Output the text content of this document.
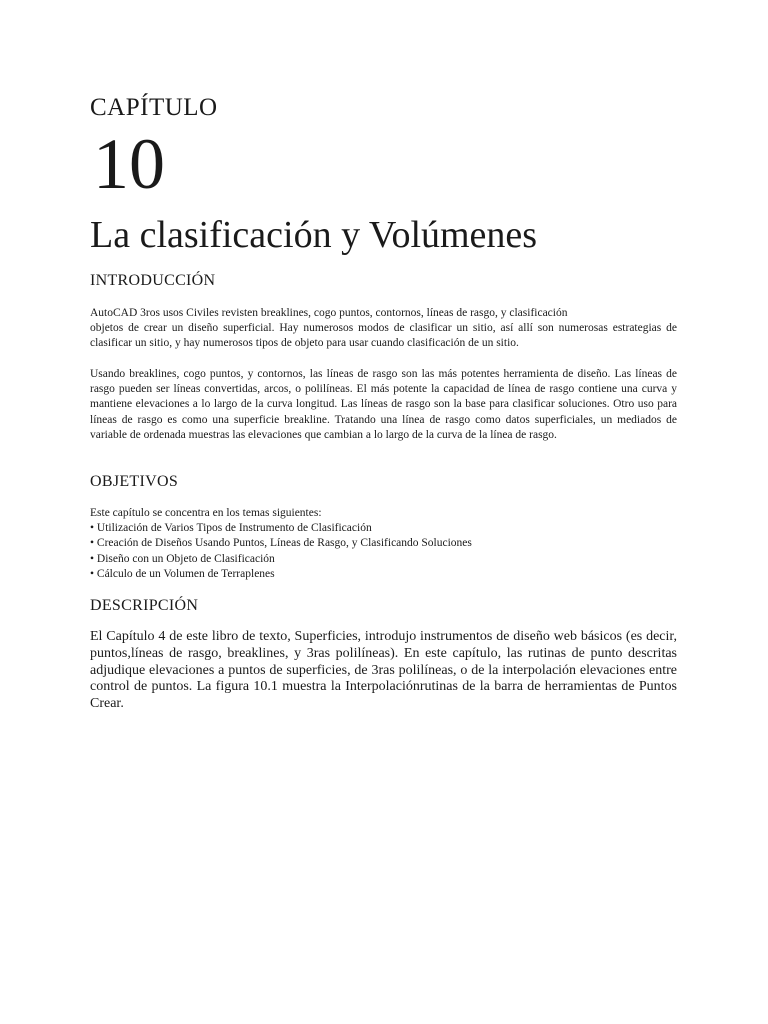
CAPÍTULO
10
La clasificación y Volúmenes
INTRODUCCIÓN
AutoCAD 3ros usos Civiles revisten breaklines, cogo puntos, contornos, líneas de rasgo, y clasificación
objetos de crear un diseño superficial. Hay numerosos modos de clasificar un sitio, así allí son numerosas estrategias de clasificar un sitio, y hay numerosos tipos de objeto para usar cuando clasificación de un sitio.
Usando breaklines, cogo puntos, y contornos, las líneas de rasgo son las más potentes herramienta de diseño. Las líneas de rasgo pueden ser líneas convertidas, arcos, o polilíneas. El más potente la capacidad de línea de rasgo contiene una curva y mantiene elevaciones a lo largo de la curva longitud. Las líneas de rasgo son la base para clasificar soluciones. Otro uso para líneas de rasgo es como una superficie breakline. Tratando una línea de rasgo como datos superficiales, un mediados de variable de ordenada muestras las elevaciones que cambian a lo largo de la curva de la línea de rasgo.
OBJETIVOS
Este capítulo se concentra en los temas siguientes:
• Utilización de Varios Tipos de Instrumento de Clasificación
• Creación de Diseños Usando Puntos, Líneas de Rasgo, y Clasificando Soluciones
• Diseño con un Objeto de Clasificación
• Cálculo de un Volumen de Terraplenes
DESCRIPCIÓN
El Capítulo 4 de este libro de texto, Superficies, introdujo instrumentos de diseño web básicos (es decir, puntos,líneas de rasgo, breaklines, y 3ras polilíneas). En este capítulo, las rutinas de punto descritas adjudique elevaciones a puntos de superficies, de 3ras polilíneas, o de la interpolación elevaciones entre control de puntos. La figura 10.1 muestra la Interpolaciónrutinas de la barra de herramientas de Puntos Crear.
